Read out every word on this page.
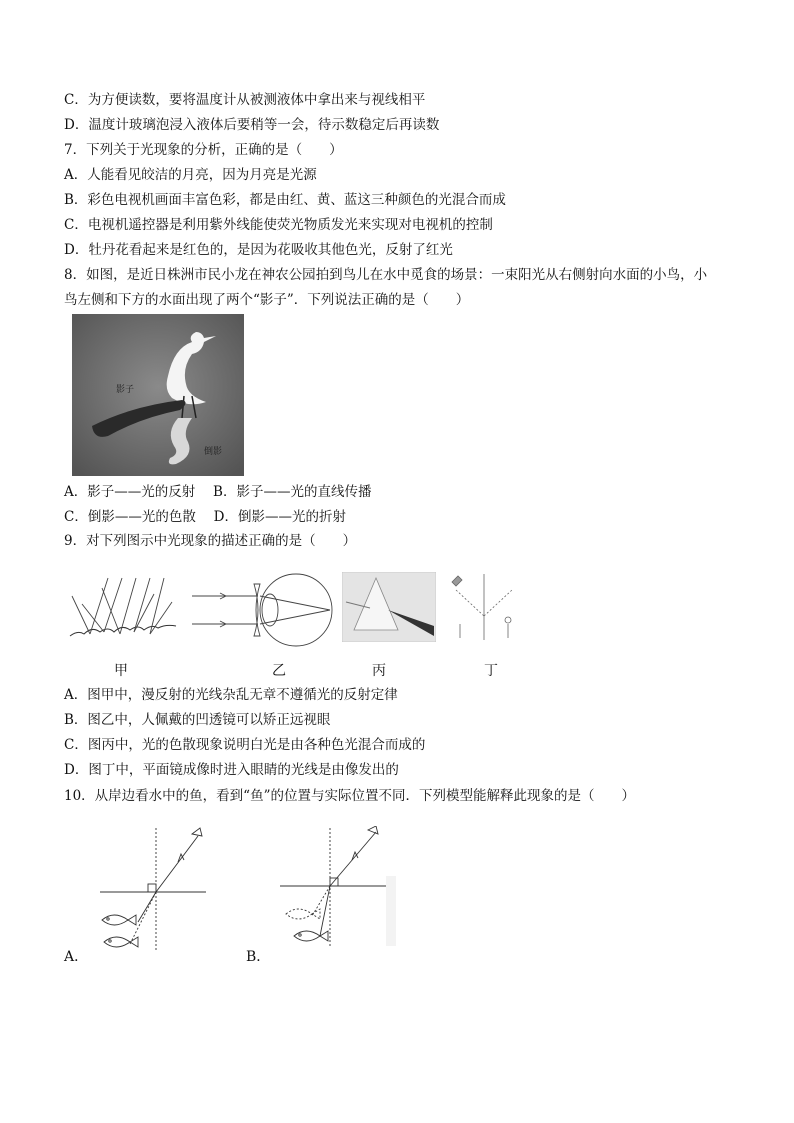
C．为方便读数，要将温度计从被测液体中拿出来与视线相平
D．温度计玻璃泡浸入液体后要稍等一会，待示数稳定后再读数
7．下列关于光现象的分析，正确的是（　　）
A．人能看见皎洁的月亮，因为月亮是光源
B．彩色电视机画面丰富色彩，都是由红、黄、蓝这三种颜色的光混合而成
C．电视机遥控器是利用紫外线能使荧光物质发光来实现对电视机的控制
D．牡丹花看起来是红色的，是因为花吸收其他色光，反射了红光
8．如图，是近日株洲市民小龙在神农公园拍到鸟儿在水中觅食的场景：一束阳光从右侧射向水面的小鸟，小
鸟左侧和下方的水面出现了两个“影子”．下列说法正确的是（　　）
影子
倒影
A．影子——光的反射　 B．影子——光的直线传播
C．倒影——光的色散　 D．倒影——光的折射
9．对下列图示中光现象的描述正确的是（　　）
甲	乙	丙	丁
A．图甲中，漫反射的光线杂乱无章不遵循光的反射定律
B．图乙中，人佩戴的凹透镜可以矫正远视眼
C．图丙中，光的色散现象说明白光是由各种色光混合而成的
D．图丁中，平面镜成像时进入眼睛的光线是由像发出的
10．从岸边看水中的鱼，看到“鱼”的位置与实际位置不同．下列模型能解释此现象的是（　　）
A．	B．
